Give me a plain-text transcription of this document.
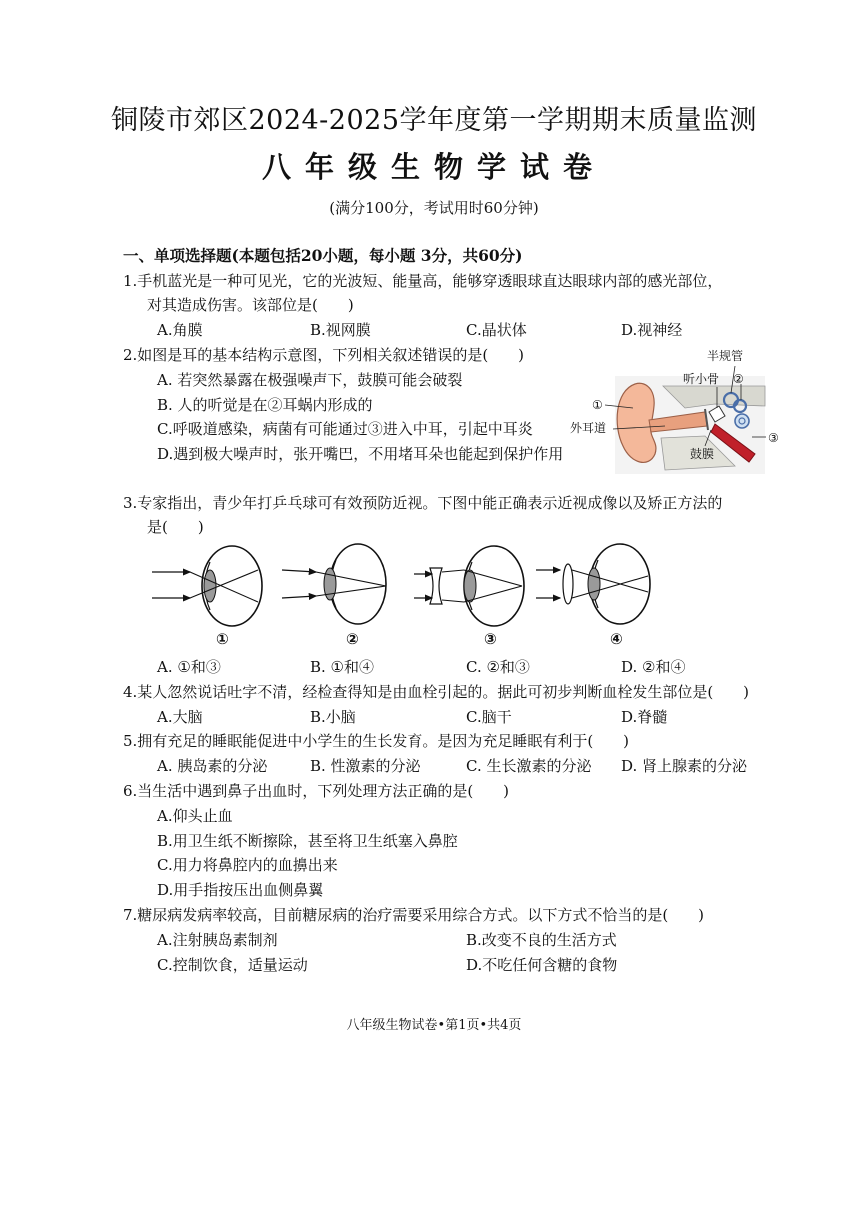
铜陵市郊区2024-2025学年度第一学期期末质量监测
八年级生物学试卷
(满分100分，考试用时60分钟)
一、单项选择题(本题包括20小题，每小题 3分，共60分)
1.手机蓝光是一种可见光，它的光波短、能量高，能够穿透眼球直达眼球内部的感光部位，
对其造成伤害。该部位是(　　)
A.角膜	B.视网膜	C.晶状体	D.视神经
2.如图是耳的基本结构示意图，下列相关叙述错误的是(　　)
A. 若突然暴露在极强噪声下，鼓膜可能会破裂
B. 人的听觉是在②耳蜗内形成的
C.呼吸道感染，病菌有可能通过③进入中耳，引起中耳炎
D.遇到极大噪声时，张开嘴巴，不用堵耳朵也能起到保护作用
半规管
听小骨 ②
①
外耳道
③
鼓膜
3.专家指出，青少年打乒乓球可有效预防近视。下图中能正确表示近视成像以及矫正方法的
是(　　)
①	②	③	④
A. ①和③	B. ①和④	C. ②和③	D. ②和④
4.某人忽然说话吐字不清，经检查得知是由血栓引起的。据此可初步判断血栓发生部位是(　　)
A.大脑	B.小脑	C.脑干	D.脊髓
5.拥有充足的睡眠能促进中小学生的生长发育。是因为充足睡眠有利于(　　)
A. 胰岛素的分泌	B. 性激素的分泌	C. 生长激素的分泌 D. 肾上腺素的分泌
6.当生活中遇到鼻子出血时，下列处理方法正确的是(　　)
A.仰头止血
B.用卫生纸不断擦除，甚至将卫生纸塞入鼻腔
C.用力将鼻腔内的血擤出来
D.用手指按压出血侧鼻翼
7.糖尿病发病率较高，目前糖尿病的治疗需要采用综合方式。以下方式不恰当的是(　　)
A.注射胰岛素制剂	B.改变不良的生活方式
C.控制饮食，适量运动	D.不吃任何含糖的食物
八年级生物试卷•第1页•共4页
